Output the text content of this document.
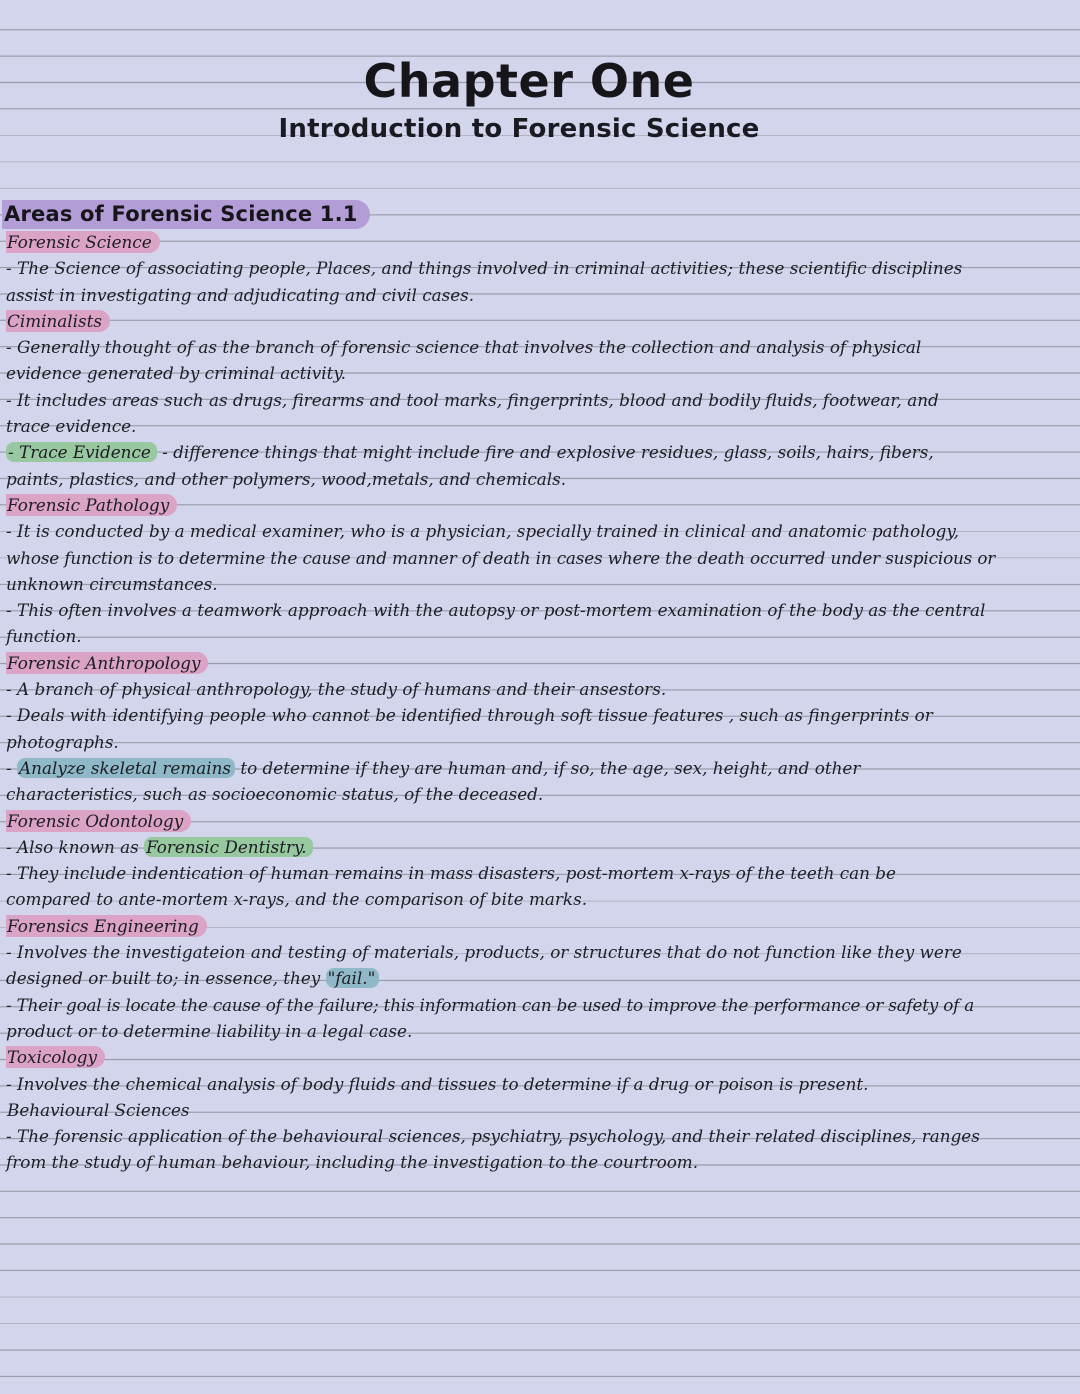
Chapter One
Introduction to Forensic Science
Areas of Forensic Science 1.1
Forensic Science
- The Science of associating people, Places, and things involved in criminal activities; these scientific disciplines
assist in investigating and adjudicating and civil cases.
Ciminalists
- Generally thought of as the branch of forensic science that involves the collection and analysis of physical
evidence generated by criminal activity.
- It includes areas such as drugs, firearms and tool marks, fingerprints, blood and bodily fluids, footwear, and
trace evidence.
- Trace Evidence - difference things that might include fire and explosive residues, glass, soils, hairs, fibers,
paints, plastics, and other polymers, wood,metals, and chemicals.
Forensic Pathology
- It is conducted by a medical examiner, who is a physician, specially trained in clinical and anatomic pathology,
whose function is to determine the cause and manner of death in cases where the death occurred under suspicious or
unknown circumstances.
- This often involves a teamwork approach with the autopsy or post-mortem examination of the body as the central
function.
Forensic Anthropology
- A branch of physical anthropology, the study of humans and their ansestors.
- Deals with identifying people who cannot be identified through soft tissue features , such as fingerprints or
photographs.
- Analyze skeletal remains to determine if they are human and, if so, the age, sex, height, and other
characteristics, such as socioeconomic status, of the deceased.
Forensic Odontology
- Also known as Forensic Dentistry.
- They include indentication of human remains in mass disasters, post-mortem x-rays of the teeth can be
compared to ante-mortem x-rays, and the comparison of bite marks.
Forensics Engineering
- Involves the investigateion and testing of materials, products, or structures that do not function like they were
designed or built to; in essence, they "fail."
- Their goal is locate the cause of the failure; this information can be used to improve the performance or safety of a
product or to determine liability in a legal case.
Toxicology
- Involves the chemical analysis of body fluids and tissues to determine if a drug or poison is present.
Behavioural Sciences
- The forensic application of the behavioural sciences, psychiatry, psychology, and their related disciplines, ranges
from the study of human behaviour, including the investigation to the courtroom.
